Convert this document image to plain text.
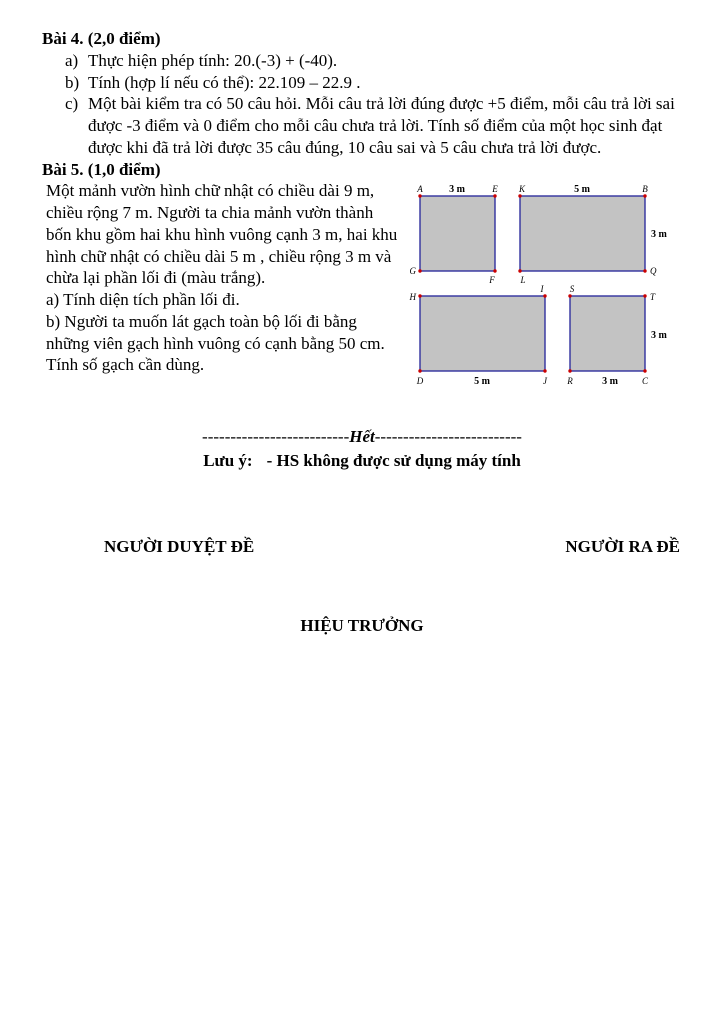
Bài 4. (2,0 điểm)
a) Thực hiện phép tính: 20.(-3) + (-40).
b) Tính (hợp lí nếu có thể): 22.109 – 22.9 .
c) Một bài kiểm tra có 50 câu hỏi. Mỗi câu trả lời đúng được +5 điểm, mỗi câu trả lời sai được -3 điểm và 0 điểm cho mỗi câu chưa trả lời. Tính số điểm của một học sinh đạt được khi đã trả lời được 35 câu đúng, 10 câu sai và 5 câu chưa trả lời được.
Bài 5. (1,0 điểm)

Một mảnh vườn hình chữ nhật có chiều dài 9 m, chiều rộng 7 m. Người ta chia mảnh vườn thành bốn khu gồm hai khu hình vuông cạnh 3 m, hai khu hình chữ nhật có chiều dài 5 m , chiều rộng 3 m và chừa lại phần lối đi (màu trắng).

a) Tính diện tích phần lối đi.

b) Người ta muốn lát gạch toàn bộ lối đi bằng những viên gạch hình vuông có cạnh bằng 50 cm. Tính số gạch cần dùng.

A	3 m	E K	5 m	B
3 m
3 m
G
F	L
Q
H
I	S
T
D	5 m	J R	3 m	C
--------------------------Hết--------------------------
Lưu ý: - HS không được sử dụng máy tính
NGƯỜI DUYỆT ĐỀ	NGƯỜI RA ĐỀ
HIỆU TRƯỞNG
